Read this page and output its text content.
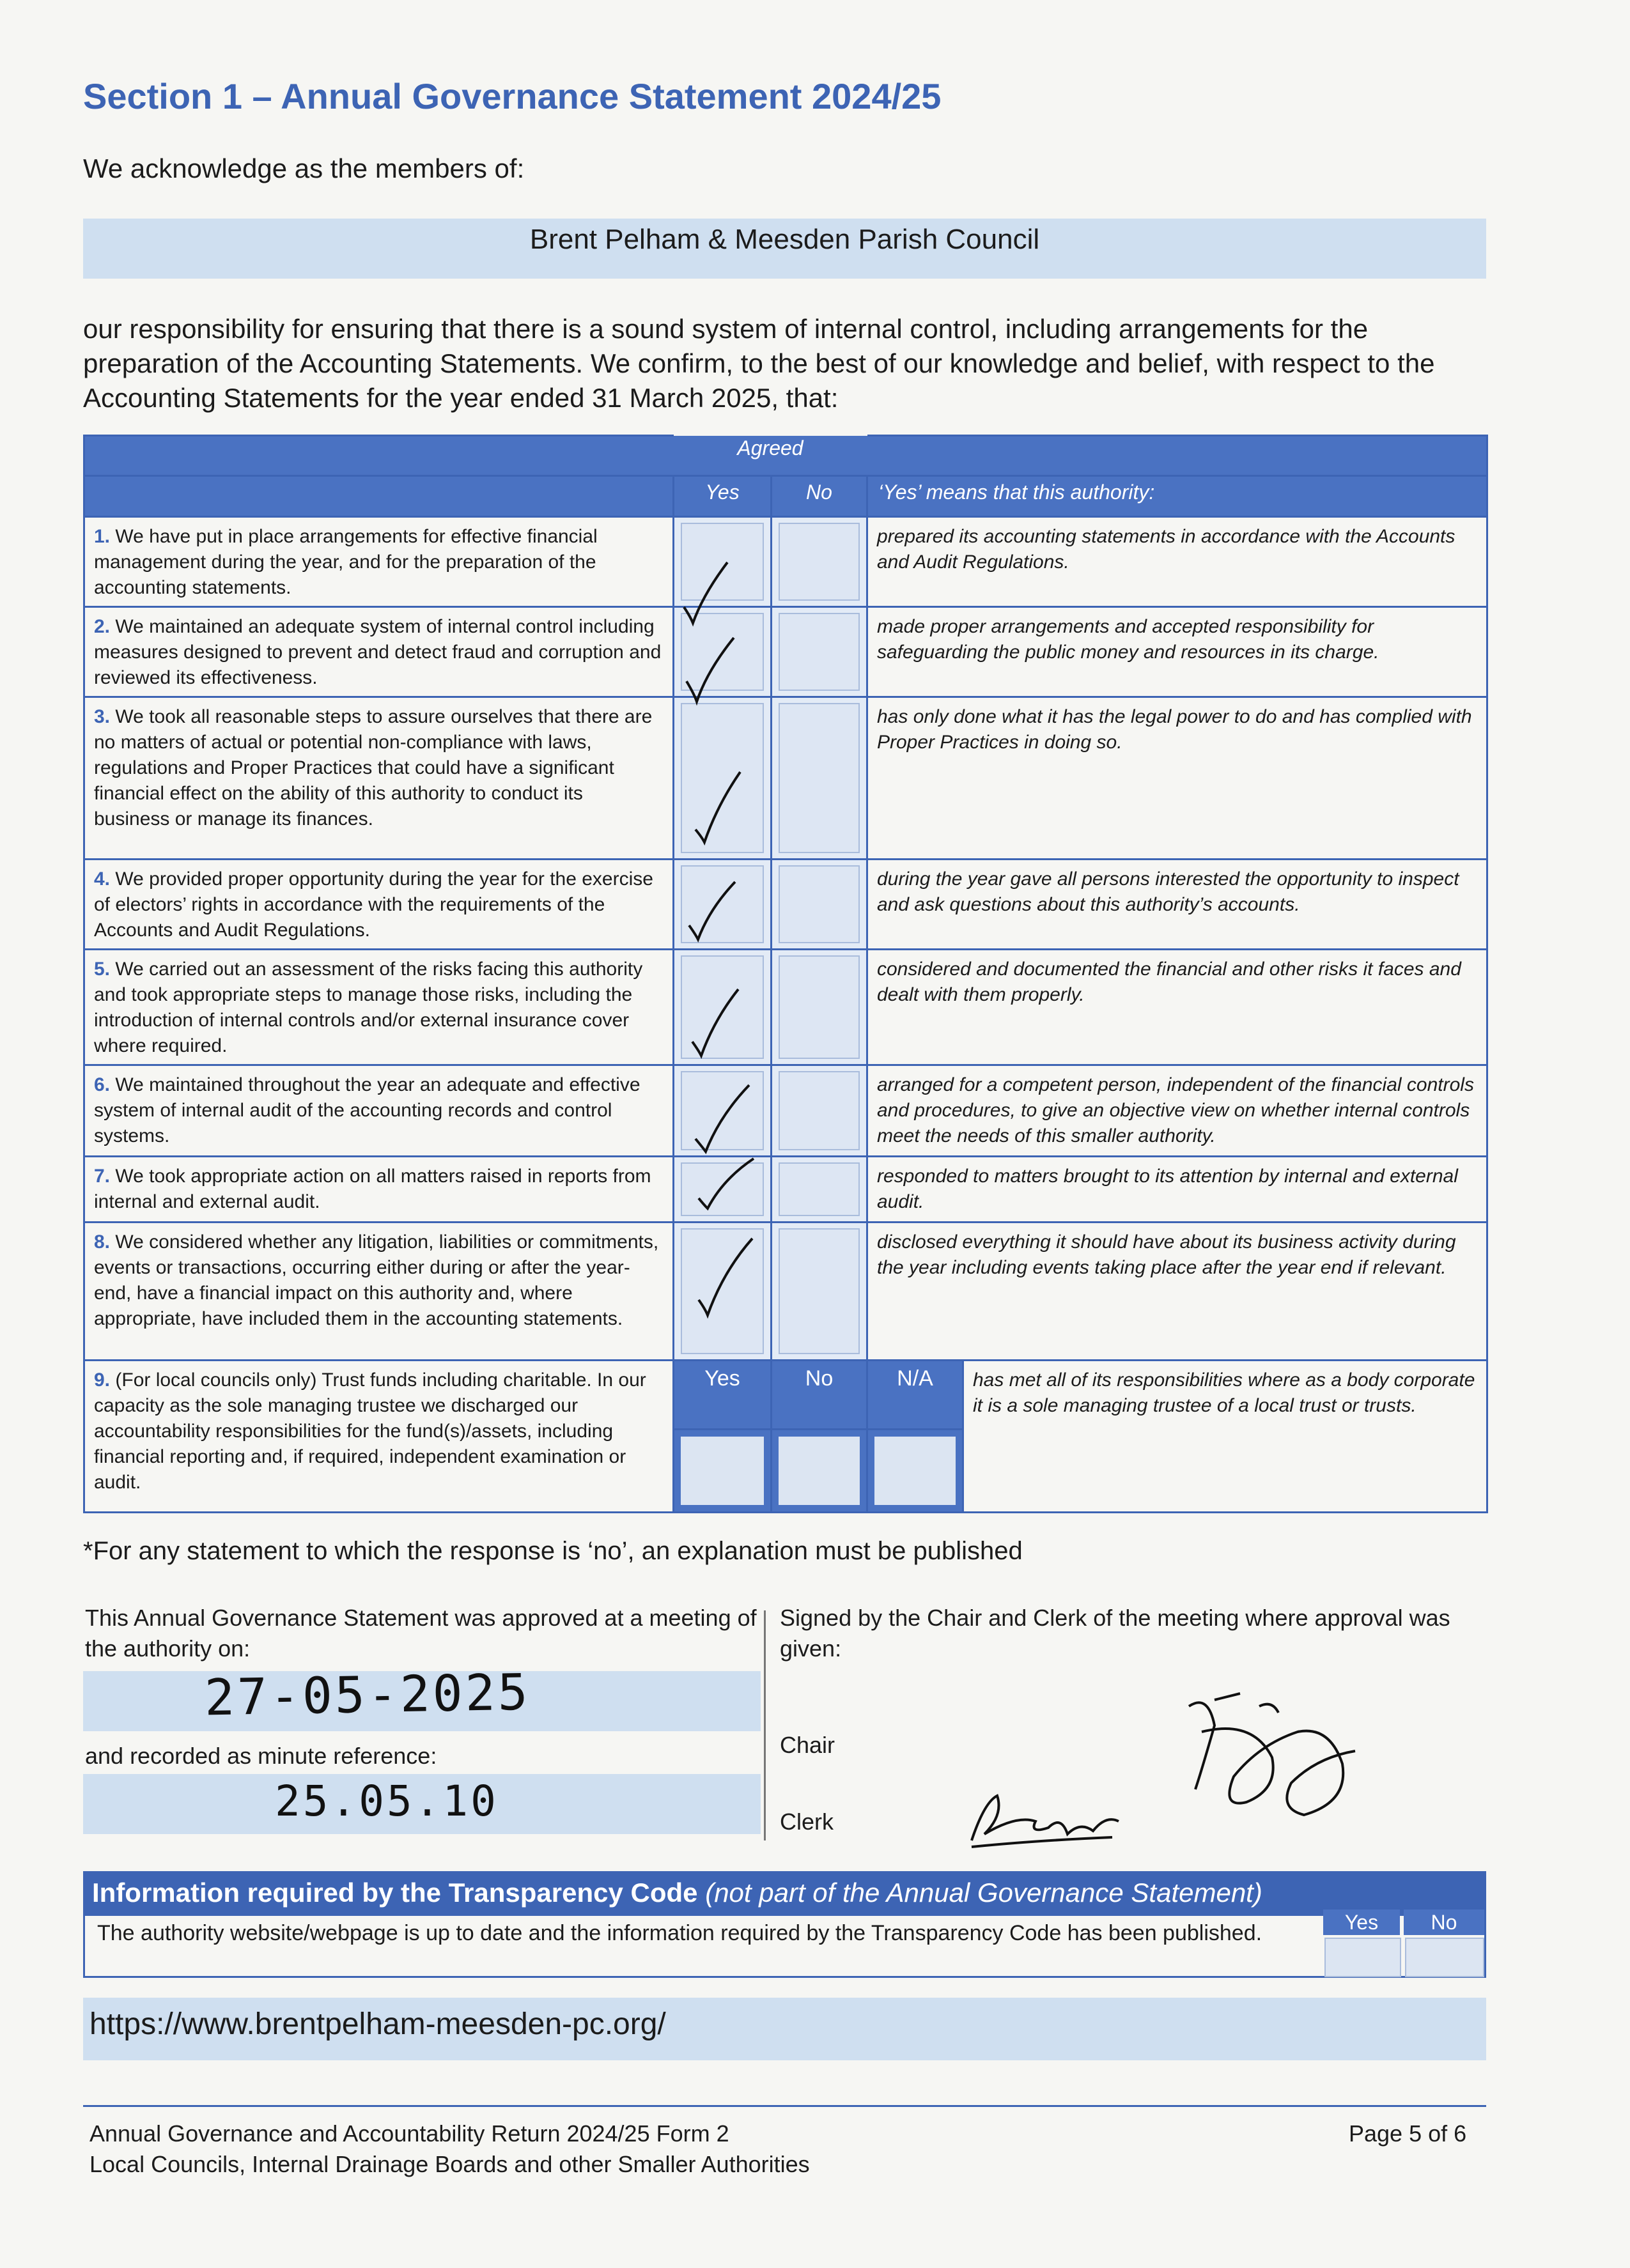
Section 1 – Annual Governance Statement 2024/25
We acknowledge as the members of:
Brent Pelham & Meesden Parish Council
our responsibility for ensuring that there is a sound system of internal control, including arrangements for the preparation of the Accounting Statements. We confirm, to the best of our knowledge and belief, with respect to the Accounting Statements for the year ended 31 March 2025, that:
	Agreed			
	Yes	No	‘Yes’ means that this authority:	
1. We have put in place arrangements for effective financial management during the year, and for the preparation of the accounting statements.			prepared its accounting statements in accordance with the Accounts and Audit Regulations.	
2. We maintained an adequate system of internal control including measures designed to prevent and detect fraud and corruption and reviewed its effectiveness.			made proper arrangements and accepted responsibility for safeguarding the public money and resources in its charge.	
3. We took all reasonable steps to assure ourselves that there are no matters of actual or potential non-compliance with laws, regulations and Proper Practices that could have a significant financial effect on the ability of this authority to conduct its business or manage its finances.			has only done what it has the legal power to do and has complied with Proper Practices in doing so.	
4. We provided proper opportunity during the year for the exercise of electors’ rights in accordance with the requirements of the Accounts and Audit Regulations.			during the year gave all persons interested the opportunity to inspect and ask questions about this authority’s accounts.	
5. We carried out an assessment of the risks facing this authority and took appropriate steps to manage those risks, including the introduction of internal controls and/or external insurance cover where required.			considered and documented the financial and other risks it faces and dealt with them properly.	
6. We maintained throughout the year an adequate and effective system of internal audit of the accounting records and control systems.			arranged for a competent person, independent of the financial controls and procedures, to give an objective view on whether internal controls meet the needs of this smaller authority.	
7. We took appropriate action on all matters raised in reports from internal and external audit.			responded to matters brought to its attention by internal and external audit.	
8. We considered whether any litigation, liabilities or commitments, events or transactions, occurring either during or after the year-end, have a financial impact on this authority and, where appropriate, have included them in the accounting statements.			disclosed everything it should have about its business activity during the year including events taking place after the year end if relevant.	
9. (For local councils only) Trust funds including charitable. In our capacity as the sole managing trustee we discharged our accountability responsibilities for the fund(s)/assets, including financial reporting and, if required, independent examination or audit.	Yes	No	N/A	has met all of its responsibilities where as a body corporate it is a sole managing trustee of a local trust or trusts.

*For any statement to which the response is ‘no’, an explanation must be published
This Annual Governance Statement was approved at a meeting of the authority on:
Signed by the Chair and Clerk of the meeting where approval was given:
27-05-2025
and recorded as minute reference:
25.05.10
Chair
Clerk
Information required by the Transparency Code (not part of the Annual Governance Statement)
The authority website/webpage is up to date and the information required by the Transparency Code has been published.	Yes	No
https://www.brentpelham-meesden-pc.org/
Annual Governance and Accountability Return 2024/25 Form 2
Local Councils, Internal Drainage Boards and other Smaller Authorities
Page 5 of 6
